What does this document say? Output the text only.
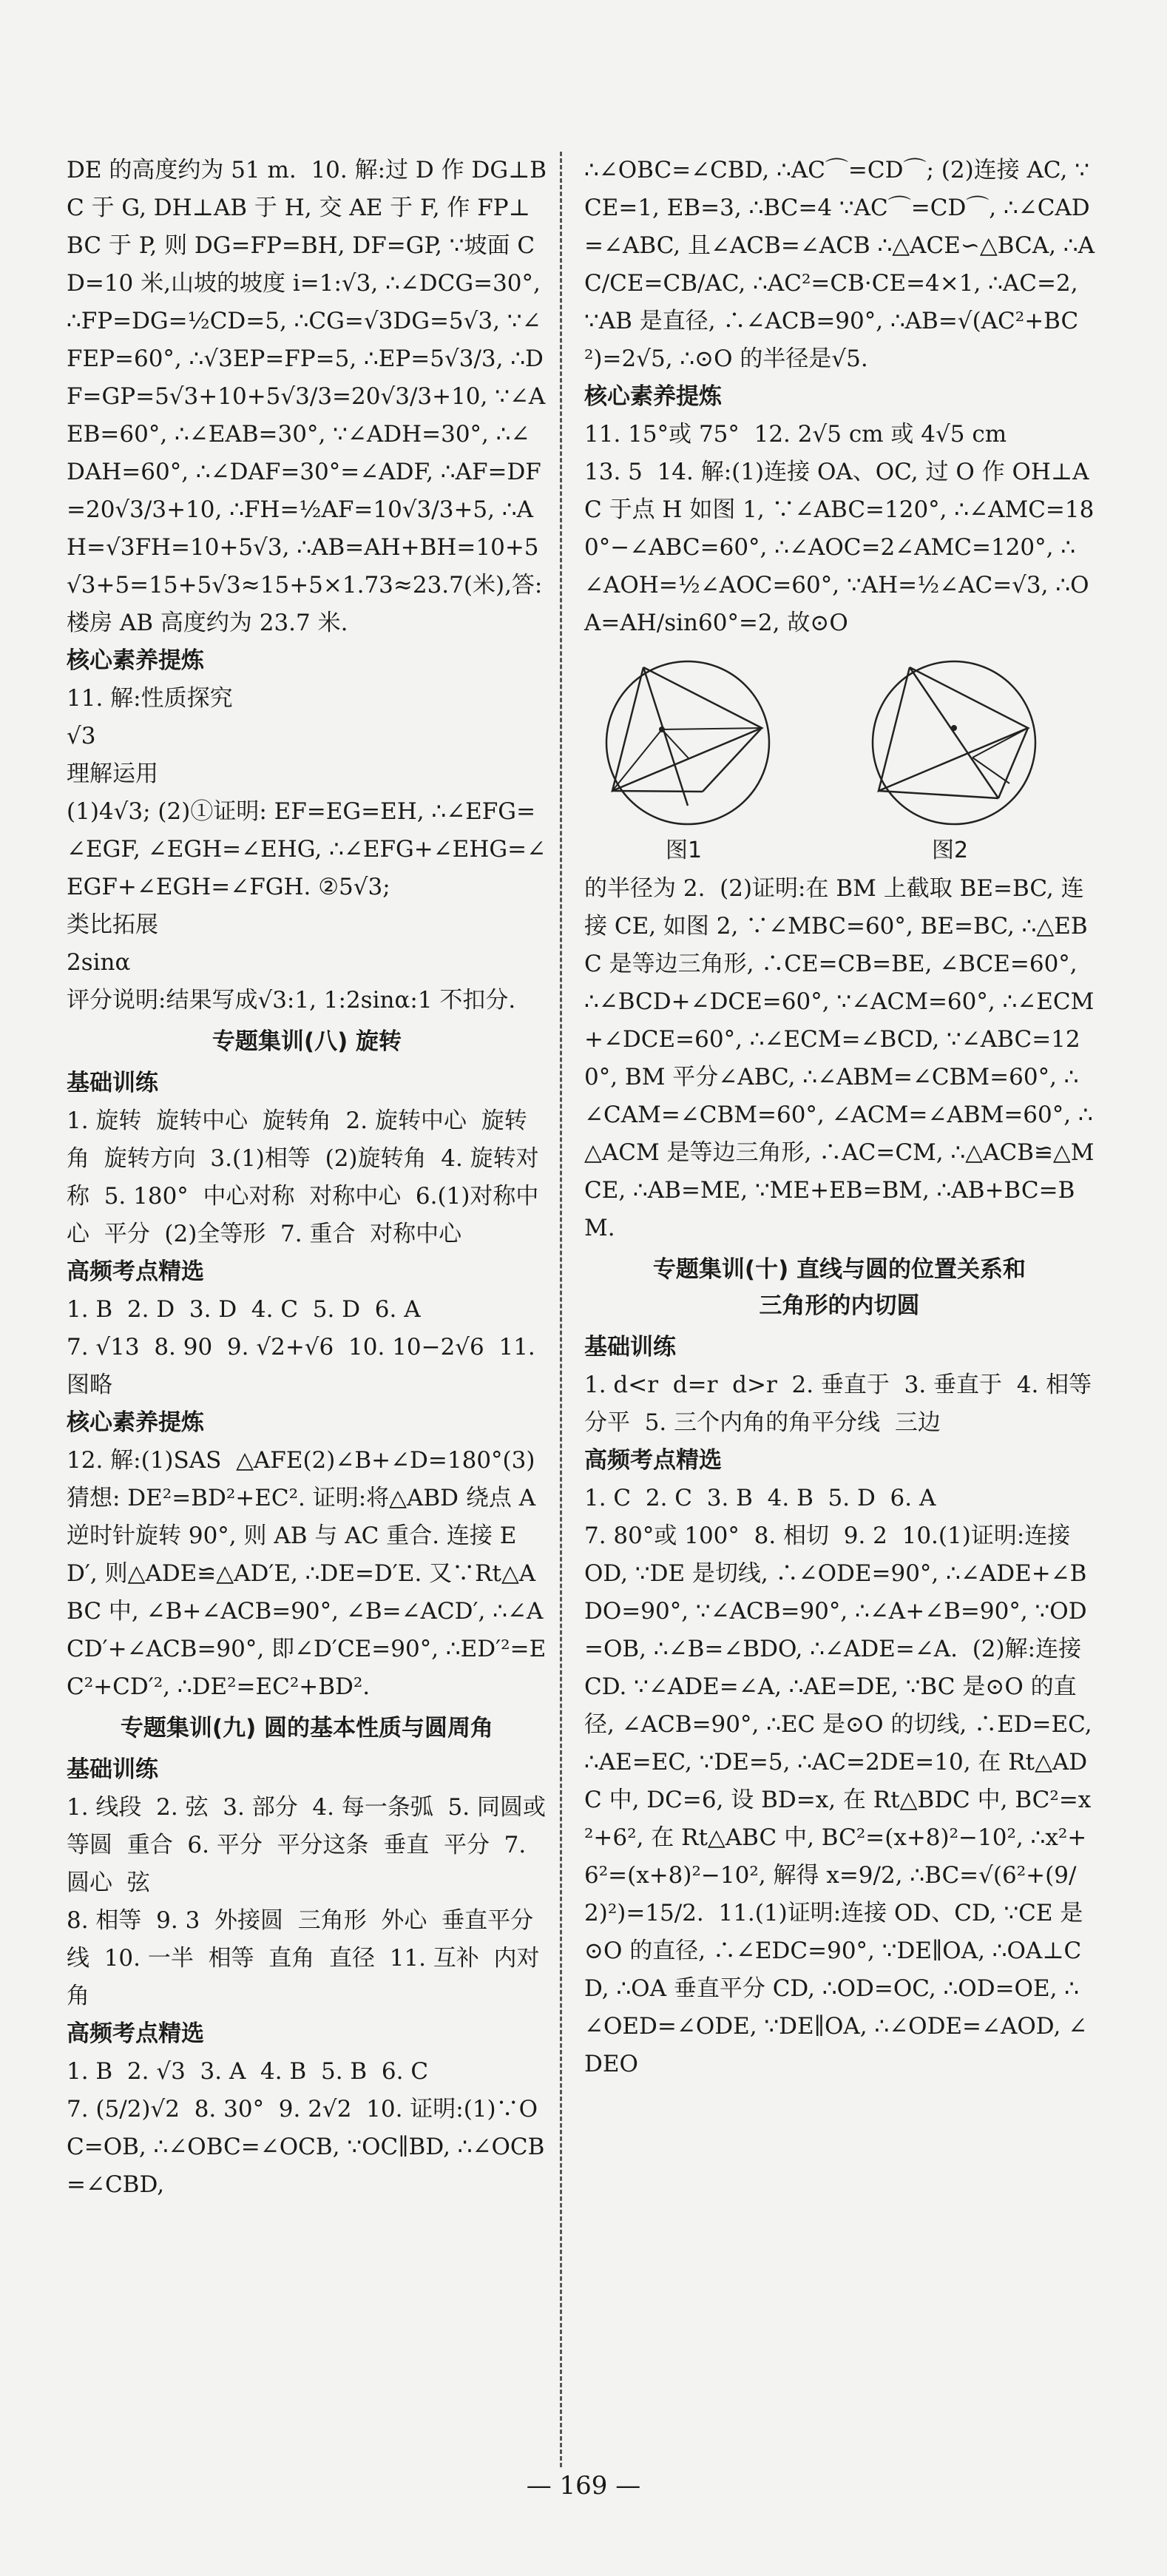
DE 的高度约为 51 m.  10. 解:过 D 作 DG⊥BC 于 G, DH⊥AB 于 H, 交 AE 于 F, 作 FP⊥BC 于 P, 则 DG=FP=BH, DF=GP, ∵坡面 CD=10 米,山坡的坡度 i=1:√3, ∴∠DCG=30°, ∴FP=DG=½CD=5, ∴CG=√3DG=5√3, ∵∠FEP=60°, ∴√3EP=FP=5, ∴EP=5√3/3, ∴DF=GP=5√3+10+5√3/3=20√3/3+10, ∵∠AEB=60°, ∴∠EAB=30°, ∵∠ADH=30°, ∴∠DAH=60°, ∴∠DAF=30°=∠ADF, ∴AF=DF=20√3/3+10, ∴FH=½AF=10√3/3+5, ∴AH=√3FH=10+5√3, ∴AB=AH+BH=10+5√3+5=15+5√3≈15+5×1.73≈23.7(米),答:楼房 AB 高度约为 23.7 米.

核心素养提炼

11. 解:性质探究

√3

理解运用

(1)4√3; (2)①证明: EF=EG=EH, ∴∠EFG=∠EGF, ∠EGH=∠EHG, ∴∠EFG+∠EHG=∠EGF+∠EGH=∠FGH. ②5√3;

类比拓展

2sinα

评分说明:结果写成√3:1, 1:2sinα:1 不扣分.

专题集训(八) 旋转

基础训练

1. 旋转  旋转中心  旋转角  2. 旋转中心  旋转角  旋转方向  3.(1)相等  (2)旋转角  4. 旋转对称  5. 180°  中心对称  对称中心  6.(1)对称中心  平分  (2)全等形  7. 重合  对称中心

高频考点精选

1. B  2. D  3. D  4. C  5. D  6. A
7. √13  8. 90  9. √2+√6  10. 10−2√6  11. 图略

核心素养提炼

12. 解:(1)SAS  △AFE(2)∠B+∠D=180°(3)猜想: DE²=BD²+EC². 证明:将△ABD 绕点 A 逆时针旋转 90°, 则 AB 与 AC 重合. 连接 ED′, 则△ADE≌△AD′E, ∴DE=D′E. 又∵Rt△ABC 中, ∠B+∠ACB=90°, ∠B=∠ACD′, ∴∠ACD′+∠ACB=90°, 即∠D′CE=90°, ∴ED′²=EC²+CD′², ∴DE²=EC²+BD².

专题集训(九) 圆的基本性质与圆周角

基础训练

1. 线段  2. 弦  3. 部分  4. 每一条弧  5. 同圆或等圆  重合  6. 平分  平分这条  垂直  平分  7. 圆心  弦
8. 相等  9. 3  外接圆  三角形  外心  垂直平分线  10. 一半  相等  直角  直径  11. 互补  内对角

高频考点精选

1. B  2. √3  3. A  4. B  5. B  6. C
7. (5/2)√2  8. 30°  9. 2√2  10. 证明:(1)∵OC=OB, ∴∠OBC=∠OCB, ∵OC∥BD, ∴∠OCB=∠CBD,

∴∠OBC=∠CBD, ∴AC⌒=CD⌒; (2)连接 AC, ∵CE=1, EB=3, ∴BC=4 ∵AC⌒=CD⌒, ∴∠CAD=∠ABC, 且∠ACB=∠ACB ∴△ACE∽△BCA, ∴AC/CE=CB/AC, ∴AC²=CB·CE=4×1, ∴AC=2, ∵AB 是直径, ∴∠ACB=90°, ∴AB=√(AC²+BC²)=2√5, ∴⊙O 的半径是√5.

核心素养提炼

11. 15°或 75°  12. 2√5 cm 或 4√5 cm
13. 5  14. 解:(1)连接 OA、OC, 过 O 作 OH⊥AC 于点 H 如图 1, ∵∠ABC=120°, ∴∠AMC=180°−∠ABC=60°, ∴∠AOC=2∠AMC=120°, ∴∠AOH=½∠AOC=60°, ∵AH=½∠AC=√3, ∴OA=AH/sin60°=2, 故⊙O

图1	图2

的半径为 2.  (2)证明:在 BM 上截取 BE=BC, 连接 CE, 如图 2, ∵∠MBC=60°, BE=BC, ∴△EBC 是等边三角形, ∴CE=CB=BE, ∠BCE=60°, ∴∠BCD+∠DCE=60°, ∵∠ACM=60°, ∴∠ECM+∠DCE=60°, ∴∠ECM=∠BCD, ∵∠ABC=120°, BM 平分∠ABC, ∴∠ABM=∠CBM=60°, ∴∠CAM=∠CBM=60°, ∠ACM=∠ABM=60°, ∴△ACM 是等边三角形, ∴AC=CM, ∴△ACB≌△MCE, ∴AB=ME, ∵ME+EB=BM, ∴AB+BC=BM.

专题集训(十) 直线与圆的位置关系和
三角形的内切圆

基础训练

1. d<r  d=r  d>r  2. 垂直于  3. 垂直于  4. 相等  分平  5. 三个内角的角平分线  三边

高频考点精选

1. C  2. C  3. B  4. B  5. D  6. A
7. 80°或 100°  8. 相切  9. 2  10.(1)证明:连接 OD, ∵DE 是切线, ∴∠ODE=90°, ∴∠ADE+∠BDO=90°, ∵∠ACB=90°, ∴∠A+∠B=90°, ∵OD=OB, ∴∠B=∠BDO, ∴∠ADE=∠A.  (2)解:连接 CD. ∵∠ADE=∠A, ∴AE=DE, ∵BC 是⊙O 的直径, ∠ACB=90°, ∴EC 是⊙O 的切线, ∴ED=EC, ∴AE=EC, ∵DE=5, ∴AC=2DE=10, 在 Rt△ADC 中, DC=6, 设 BD=x, 在 Rt△BDC 中, BC²=x²+6², 在 Rt△ABC 中, BC²=(x+8)²−10², ∴x²+6²=(x+8)²−10², 解得 x=9/2, ∴BC=√(6²+(9/2)²)=15/2.  11.(1)证明:连接 OD、CD, ∵CE 是⊙O 的直径, ∴∠EDC=90°, ∵DE∥OA, ∴OA⊥CD, ∴OA 垂直平分 CD, ∴OD=OC, ∴OD=OE, ∴∠OED=∠ODE, ∵DE∥OA, ∴∠ODE=∠AOD, ∠DEO

— 169 —
